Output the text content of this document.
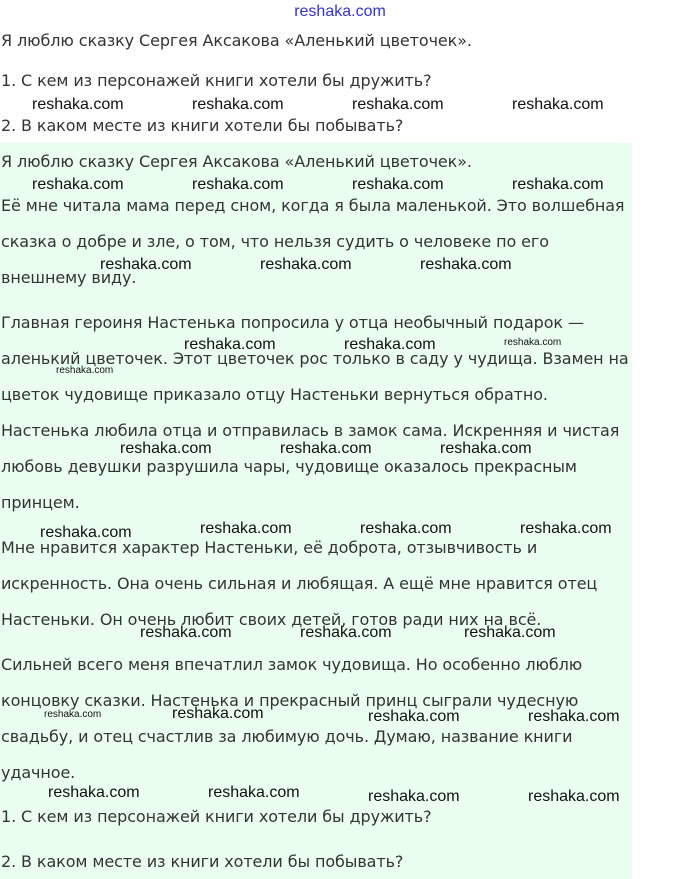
reshaka.com
Я люблю сказку Сергея Аксакова «Аленький цветочек».
1. С кем из персонажей книги хотели бы дружить?
2. В каком месте из книги хотели бы побывать?
Я люблю сказку Сергея Аксакова «Аленький цветочек».
Её мне читала мама перед сном, когда я была маленькой. Это волшебная
сказка о добре и зле, о том, что нельзя судить о человеке по его
внешнему виду.
Главная героиня Настенька попросила у отца необычный подарок —
аленький цветочек. Этот цветочек рос только в саду у чудища. Взамен на
цветок чудовище приказало отцу Настеньки вернуться обратно.
Настенька любила отца и отправилась в замок сама. Искренняя и чистая
любовь девушки разрушила чары, чудовище оказалось прекрасным
принцем.
Мне нравится характер Настеньки, её доброта, отзывчивость и
искренность. Она очень сильная и любящая. А ещё мне нравится отец
Настеньки. Он очень любит своих детей, готов ради них на всё.
Сильней всего меня впечатлил замок чудовища. Но особенно люблю
концовку сказки. Настенька и прекрасный принц сыграли чудесную
свадьбу, и отец счастлив за любимую дочь. Думаю, название книги
удачное.
1. С кем из персонажей книги хотели бы дружить?
2. В каком месте из книги хотели бы побывать?
reshaka.com	reshaka.com	reshaka.com	reshaka.com
reshaka.com	reshaka.com	reshaka.com	reshaka.com
reshaka.com	reshaka.com	reshaka.com
reshaka.com	reshaka.com	reshaka.com
reshaka.com
reshaka.com	reshaka.com	reshaka.com
reshaka.com	reshaka.com	reshaka.com	reshaka.com
reshaka.com	reshaka.com	reshaka.com
reshaka.com	reshaka.com	reshaka.com	reshaka.com
reshaka.com	reshaka.com	reshaka.com	reshaka.com
